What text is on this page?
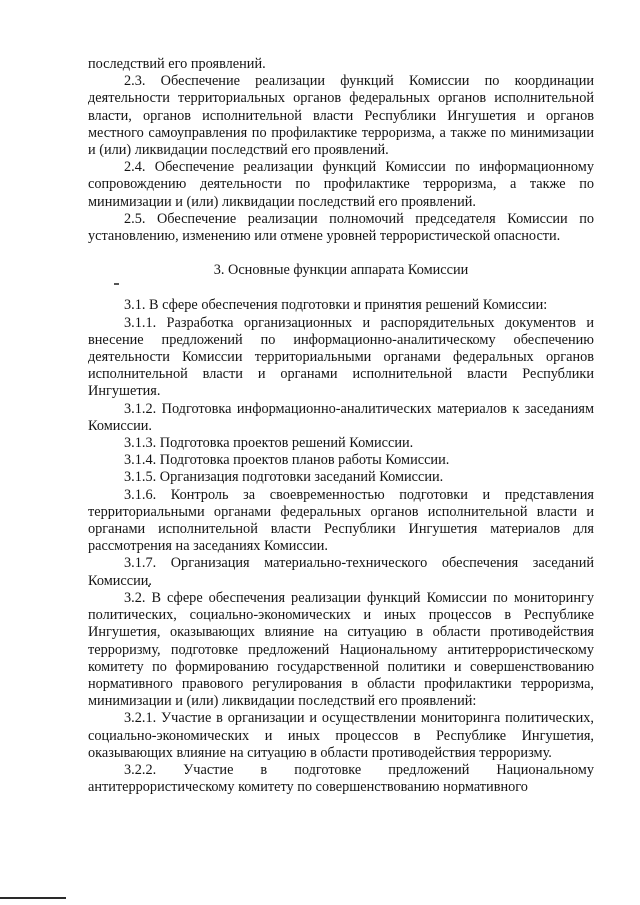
последствий его проявлений.

2.3. Обеспечение реализации функций Комиссии по координации деятельности территориальных органов федеральных органов исполнительной власти, органов исполнительной власти Республики Ингушетия и органов местного самоуправления по профилактике терроризма, а также по минимизации и (или) ликвидации последствий его проявлений.

2.4. Обеспечение реализации функций Комиссии по информационному сопровождению деятельности по профилактике терроризма, а также по минимизации и (или) ликвидации последствий его проявлений.

2.5. Обеспечение реализации полномочий председателя Комиссии по установлению, изменению или отмене уровней террористической опасности.

3. Основные функции аппарата Комиссии

3.1. В сфере обеспечения подготовки и принятия решений Комиссии:

3.1.1. Разработка организационных и распорядительных документов и внесение предложений по информационно-аналитическому обеспечению деятельности Комиссии территориальными органами федеральных органов исполнительной власти и органами исполнительной власти Республики Ингушетия.

3.1.2. Подготовка информационно-аналитических материалов к заседаниям Комиссии.

3.1.3. Подготовка проектов решений Комиссии.

3.1.4. Подготовка проектов планов работы Комиссии.

3.1.5. Организация подготовки заседаний Комиссии.

3.1.6. Контроль за своевременностью подготовки и представления территориальными органами федеральных органов исполнительной власти и органами исполнительной власти Республики Ингушетия материалов для рассмотрения на заседаниях Комиссии.

3.1.7. Организация материально-технического обеспечения заседаний Комиссии.

3.2. В сфере обеспечения реализации функций Комиссии по мониторингу политических, социально-экономических и иных процессов в Республике Ингушетия, оказывающих влияние на ситуацию в области противодействия терроризму, подготовке предложений Национальному антитеррористическому комитету по формированию государственной политики и совершенствованию нормативного правового регулирования в области профилактики терроризма, минимизации и (или) ликвидации последствий его проявлений:

3.2.1. Участие в организации и осуществлении мониторинга политических, социально-экономических и иных процессов в Республике Ингушетия, оказывающих влияние на ситуацию в области противодействия терроризму.

3.2.2. Участие в подготовке предложений Национальному антитеррористическому комитету по совершенствованию нормативного
